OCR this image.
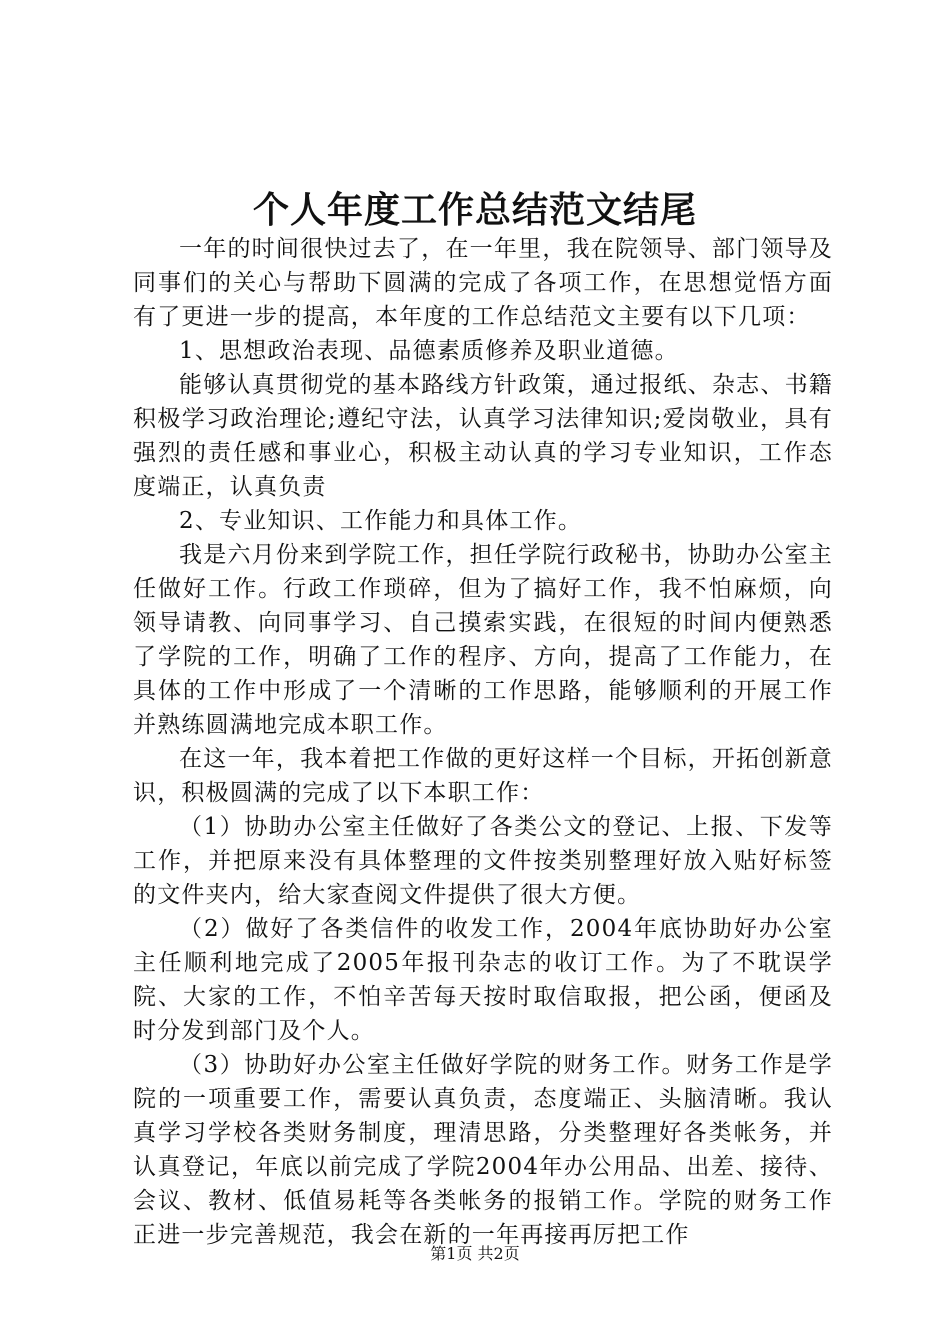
个人年度工作总结范文结尾

一年的时间很快过去了，在一年里，我在院领导、部门领导及同事们的关心与帮助下圆满的完成了各项工作，在思想觉悟方面有了更进一步的提高，本年度的工作总结范文主要有以下几项：

1、思想政治表现、品德素质修养及职业道德。

能够认真贯彻党的基本路线方针政策，通过报纸、杂志、书籍积极学习政治理论;遵纪守法，认真学习法律知识;爱岗敬业，具有强烈的责任感和事业心，积极主动认真的学习专业知识，工作态度端正，认真负责

2、专业知识、工作能力和具体工作。

我是六月份来到学院工作，担任学院行政秘书，协助办公室主任做好工作。行政工作琐碎，但为了搞好工作，我不怕麻烦，向领导请教、向同事学习、自己摸索实践，在很短的时间内便熟悉了学院的工作，明确了工作的程序、方向，提高了工作能力，在具体的工作中形成了一个清晰的工作思路，能够顺利的开展工作并熟练圆满地完成本职工作。

在这一年，我本着把工作做的更好这样一个目标，开拓创新意识，积极圆满的完成了以下本职工作：

（1）协助办公室主任做好了各类公文的登记、上报、下发等工作，并把原来没有具体整理的文件按类别整理好放入贴好标签的文件夹内，给大家查阅文件提供了很大方便。

（2）做好了各类信件的收发工作，2004年底协助好办公室主任顺利地完成了2005年报刊杂志的收订工作。为了不耽误学院、大家的工作，不怕辛苦每天按时取信取报，把公函，便函及时分发到部门及个人。

（3）协助好办公室主任做好学院的财务工作。财务工作是学院的一项重要工作，需要认真负责，态度端正、头脑清晰。我认真学习学校各类财务制度，理清思路，分类整理好各类帐务，并认真登记，年底以前完成了学院2004年办公用品、出差、接待、会议、教材、低值易耗等各类帐务的报销工作。学院的财务工作正进一步完善规范，我会在新的一年再接再厉把工作

第1页 共2页
